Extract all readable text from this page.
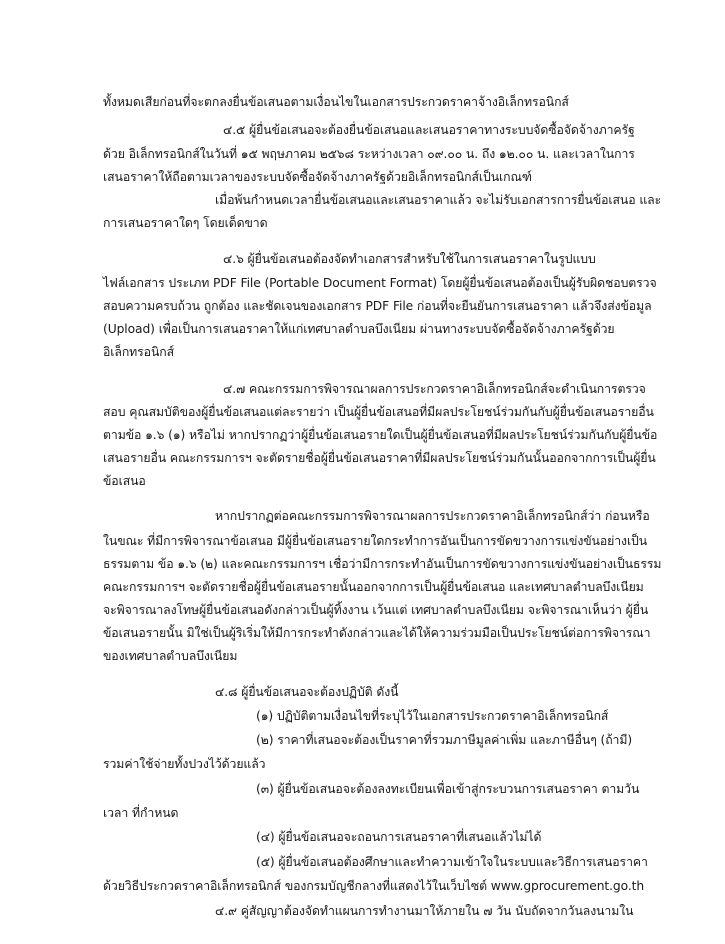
ทั้งหมดเสียก่อนที่จะตกลงยื่นข้อเสนอตามเงื่อนไขในเอกสารประกวดราคาจ้างอิเล็กทรอนิกส์
๔.๕ ผู้ยื่นข้อเสนอจะต้องยื่นข้อเสนอและเสนอราคาทางระบบจัดซื้อจัดจ้างภาครัฐ
ด้วย อิเล็กทรอนิกส์ในวันที่ ๑๕ พฤษภาคม ๒๕๖๘ ระหว่างเวลา ๐๙.๐๐ น. ถึง ๑๒.๐๐ น. และเวลาในการ
เสนอราคาให้ถือตามเวลาของระบบจัดซื้อจัดจ้างภาครัฐด้วยอิเล็กทรอนิกส์เป็นเกณฑ์
เมื่อพ้นกำหนดเวลายื่นข้อเสนอและเสนอราคาแล้ว จะไม่รับเอกสารการยื่นข้อเสนอ และ
การเสนอราคาใดๆ โดยเด็ดขาด
๔.๖ ผู้ยื่นข้อเสนอต้องจัดทำเอกสารสำหรับใช้ในการเสนอราคาในรูปแบบ
ไฟล์เอกสาร ประเภท PDF File (Portable Document Format) โดยผู้ยื่นข้อเสนอต้องเป็นผู้รับผิดชอบตรวจ
สอบความครบถ้วน ถูกต้อง และชัดเจนของเอกสาร PDF File ก่อนที่จะยืนยันการเสนอราคา แล้วจึงส่งข้อมูล
(Upload) เพื่อเป็นการเสนอราคาให้แก่เทศบาลตำบลบึงเนียม ผ่านทางระบบจัดซื้อจัดจ้างภาครัฐด้วย
อิเล็กทรอนิกส์
๔.๗ คณะกรรมการพิจารณาผลการประกวดราคาอิเล็กทรอนิกส์จะดำเนินการตรวจ
สอบ คุณสมบัติของผู้ยื่นข้อเสนอแต่ละรายว่า เป็นผู้ยื่นข้อเสนอที่มีผลประโยชน์ร่วมกันกับผู้ยื่นข้อเสนอรายอื่น
ตามข้อ ๑.๖ (๑) หรือไม่ หากปรากฏว่าผู้ยื่นข้อเสนอรายใดเป็นผู้ยื่นข้อเสนอที่มีผลประโยชน์ร่วมกันกับผู้ยื่นข้อ
เสนอรายอื่น คณะกรรมการฯ จะตัดรายชื่อผู้ยื่นข้อเสนอราคาที่มีผลประโยชน์ร่วมกันนั้นออกจากการเป็นผู้ยื่น
ข้อเสนอ
หากปรากฏต่อคณะกรรมการพิจารณาผลการประกวดราคาอิเล็กทรอนิกส์ว่า ก่อนหรือ
ในขณะ ที่มีการพิจารณาข้อเสนอ มีผู้ยื่นข้อเสนอรายใดกระทำการอันเป็นการขัดขวางการแข่งขันอย่างเป็น
ธรรมตาม ข้อ ๑.๖ (๒) และคณะกรรมการฯ เชื่อว่ามีการกระทำอันเป็นการขัดขวางการแข่งขันอย่างเป็นธรรม
คณะกรรมการฯ จะตัดรายชื่อผู้ยื่นข้อเสนอรายนั้นออกจากการเป็นผู้ยื่นข้อเสนอ และเทศบาลตำบลบึงเนียม
จะพิจารณาลงโทษผู้ยื่นข้อเสนอดังกล่าวเป็นผู้ทิ้งงาน เว้นแต่ เทศบาลตำบลบึงเนียม จะพิจารณาเห็นว่า ผู้ยื่น
ข้อเสนอรายนั้น มิใช่เป็นผู้ริเริ่มให้มีการกระทำดังกล่าวและได้ให้ความร่วมมือเป็นประโยชน์ต่อการพิจารณา
ของเทศบาลตำบลบึงเนียม
๔.๘ ผู้ยื่นข้อเสนอจะต้องปฏิบัติ ดังนี้
(๑) ปฏิบัติตามเงื่อนไขที่ระบุไว้ในเอกสารประกวดราคาอิเล็กทรอนิกส์
(๒) ราคาที่เสนอจะต้องเป็นราคาที่รวมภาษีมูลค่าเพิ่ม และภาษีอื่นๆ (ถ้ามี)
รวมค่าใช้จ่ายทั้งปวงไว้ด้วยแล้ว
(๓) ผู้ยื่นข้อเสนอจะต้องลงทะเบียนเพื่อเข้าสู่กระบวนการเสนอราคา ตามวัน
เวลา ที่กำหนด
(๔) ผู้ยื่นข้อเสนอจะถอนการเสนอราคาที่เสนอแล้วไม่ได้
(๕) ผู้ยื่นข้อเสนอต้องศึกษาและทำความเข้าใจในระบบและวิธีการเสนอราคา
ด้วยวิธีประกวดราคาอิเล็กทรอนิกส์ ของกรมบัญชีกลางที่แสดงไว้ในเว็บไซต์ www.gprocurement.go.th
๔.๙ คู่สัญญาต้องจัดทำแผนการทำงานมาให้ภายใน ๗ วัน นับถัดจากวันลงนามใน
